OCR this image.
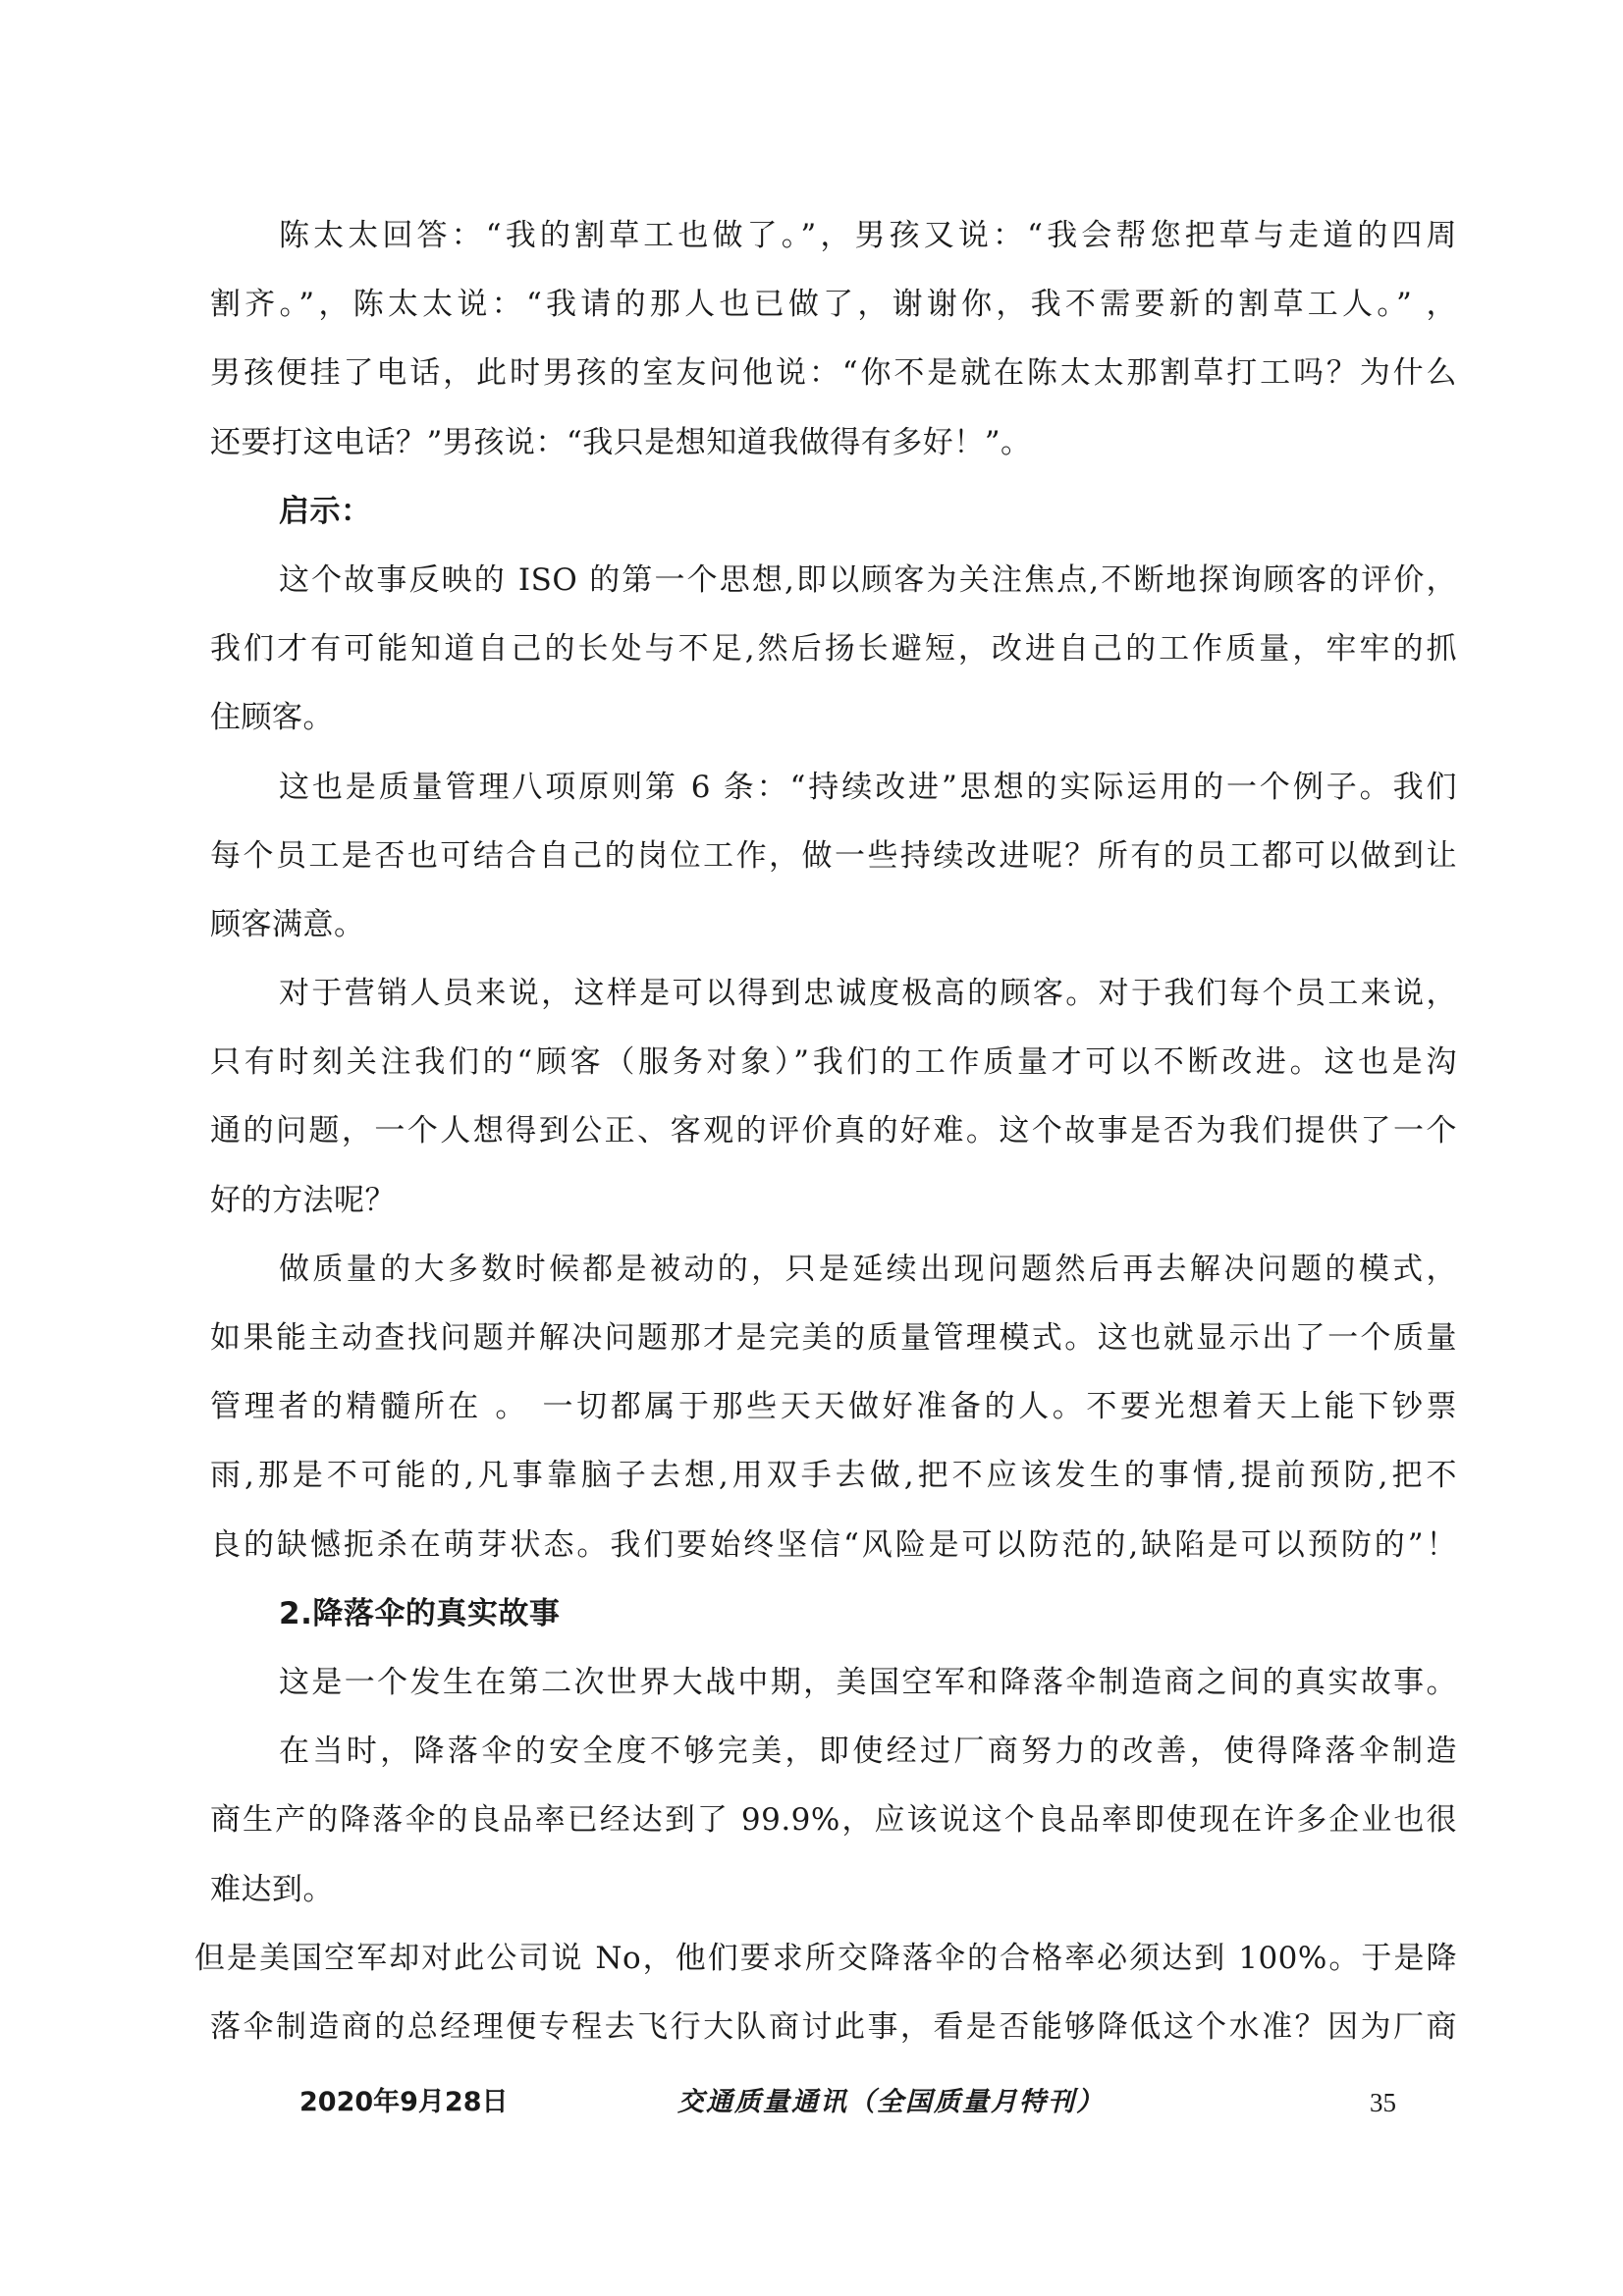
陈太太回答：“我的割草工也做了。”，男孩又说：“我会帮您把草与走道的四周
割齐。”，陈太太说：“我请的那人也已做了，谢谢你，我不需要新的割草工人。” ，
男孩便挂了电话，此时男孩的室友问他说：“你不是就在陈太太那割草打工吗？为什么
还要打这电话？”男孩说：“我只是想知道我做得有多好！”。
启示：
这个故事反映的 ISO 的第一个思想,即以顾客为关注焦点,不断地探询顾客的评价，
我们才有可能知道自己的长处与不足,然后扬长避短，改进自己的工作质量，牢牢的抓
住顾客。
这也是质量管理八项原则第 6 条：“持续改进”思想的实际运用的一个例子。我们
每个员工是否也可结合自己的岗位工作，做一些持续改进呢？所有的员工都可以做到让
顾客满意。
对于营销人员来说，这样是可以得到忠诚度极高的顾客。对于我们每个员工来说，
只有时刻关注我们的“顾客（服务对象）”我们的工作质量才可以不断改进。这也是沟
通的问题，一个人想得到公正、客观的评价真的好难。这个故事是否为我们提供了一个
好的方法呢？
做质量的大多数时候都是被动的，只是延续出现问题然后再去解决问题的模式，
如果能主动查找问题并解决问题那才是完美的质量管理模式。这也就显示出了一个质量
管理者的精髓所在 。 一切都属于那些天天做好准备的人。不要光想着天上能下钞票
雨,那是不可能的,凡事靠脑子去想,用双手去做,把不应该发生的事情,提前预防,把不
良的缺憾扼杀在萌芽状态。我们要始终坚信“风险是可以防范的,缺陷是可以预防的”！
2.降落伞的真实故事
这是一个发生在第二次世界大战中期，美国空军和降落伞制造商之间的真实故事。
在当时，降落伞的安全度不够完美，即使经过厂商努力的改善，使得降落伞制造
商生产的降落伞的良品率已经达到了 99.9%，应该说这个良品率即使现在许多企业也很
难达到。
但是美国空军却对此公司说 No，他们要求所交降落伞的合格率必须达到 100%。于是降
落伞制造商的总经理便专程去飞行大队商讨此事，看是否能够降低这个水准？因为厂商
2020年9月28日	交通质量通讯（全国质量月特刊）	35
